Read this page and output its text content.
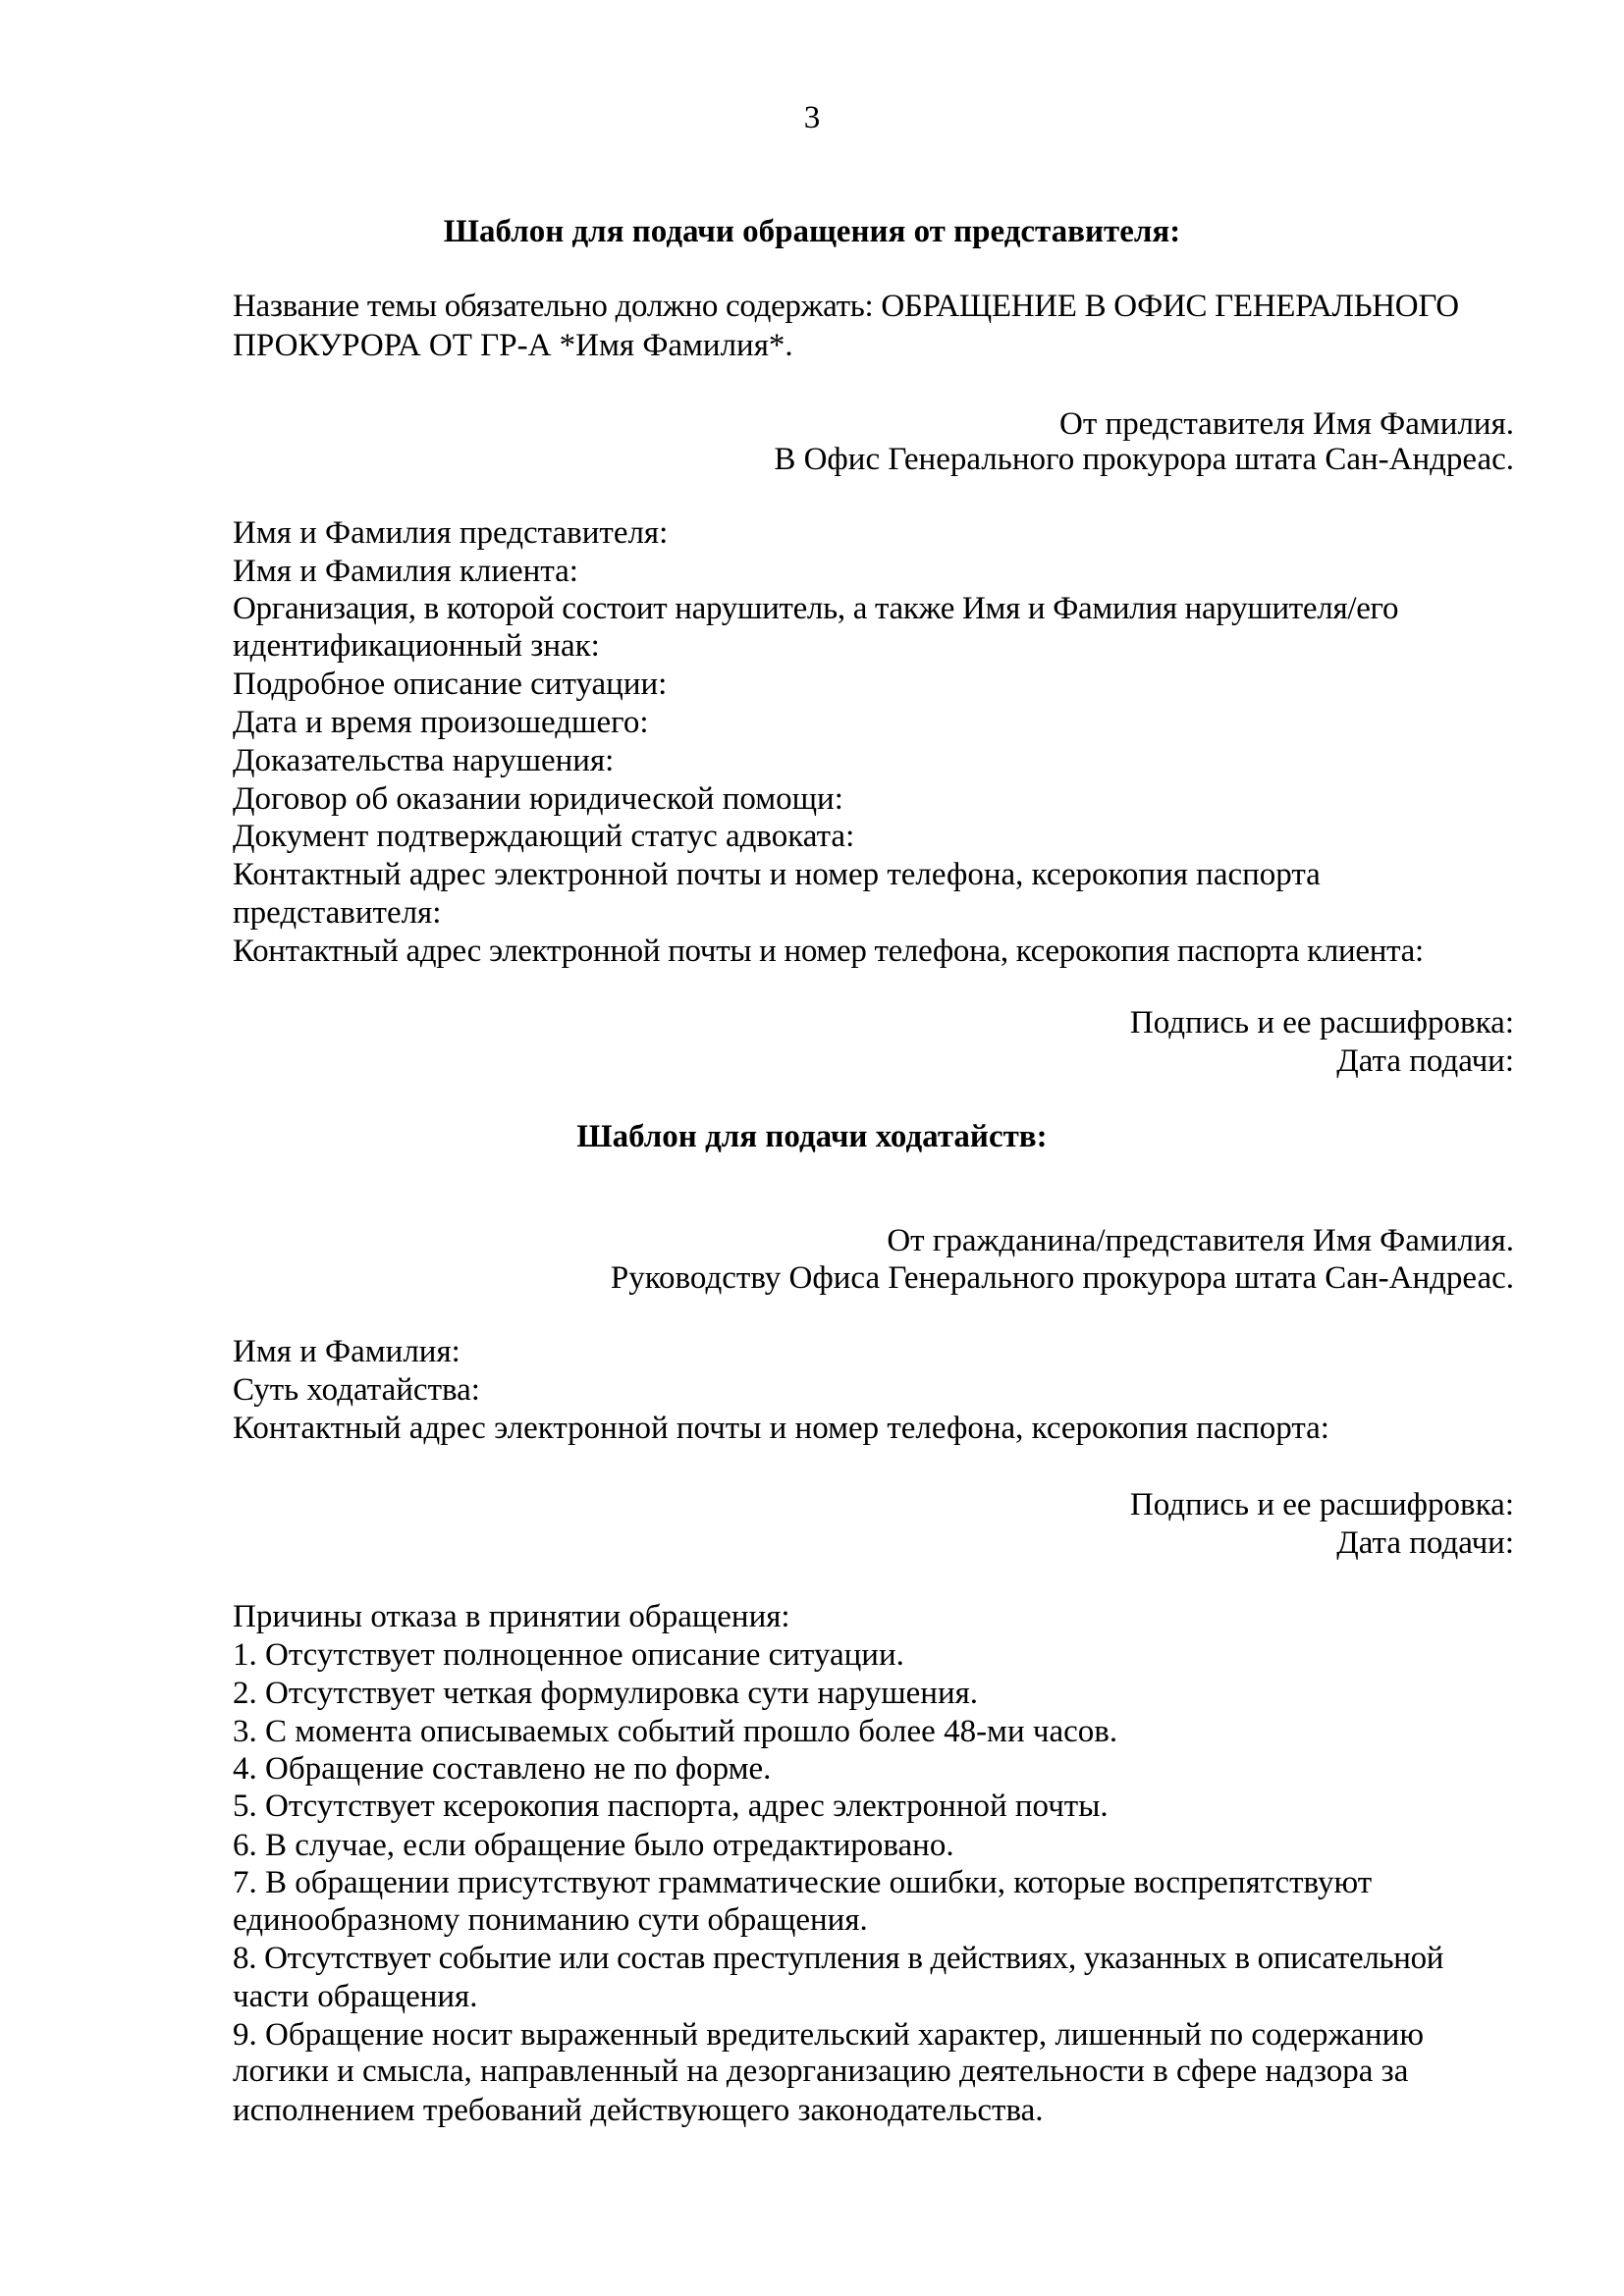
3
Шаблон для подачи обращения от представителя:
Название темы обязательно должно содержать: ОБРАЩЕНИЕ В ОФИС ГЕНЕРАЛЬНОГО
ПРОКУРОРА ОТ ГР-А *Имя Фамилия*.
От представителя Имя Фамилия.
В Офис Генерального прокурора штата Сан-Андреас.
Имя и Фамилия представителя:
Имя и Фамилия клиента:
Организация, в которой состоит нарушитель, а также Имя и Фамилия нарушителя/его
идентификационный знак:
Подробное описание ситуации:
Дата и время произошедшего:
Доказательства нарушения:
Договор об оказании юридической помощи:
Документ подтверждающий статус адвоката:
Контактный адрес электронной почты и номер телефона, ксерокопия паспорта
представителя:
Контактный адрес электронной почты и номер телефона, ксерокопия паспорта клиента:
Подпись и ее расшифровка:
Дата подачи:
Шаблон для подачи ходатайств:
От гражданина/представителя Имя Фамилия.
Руководству Офиса Генерального прокурора штата Сан-Андреас.
Имя и Фамилия:
Суть ходатайства:
Контактный адрес электронной почты и номер телефона, ксерокопия паспорта:
Подпись и ее расшифровка:
Дата подачи:
Причины отказа в принятии обращения:
1. Отсутствует полноценное описание ситуации.
2. Отсутствует четкая формулировка сути нарушения.
3. С момента описываемых событий прошло более 48-ми часов.
4. Обращение составлено не по форме.
5. Отсутствует ксерокопия паспорта, адрес электронной почты.
6. В случае, если обращение было отредактировано.
7. В обращении присутствуют грамматические ошибки, которые воспрепятствуют
единообразному пониманию сути обращения.
8. Отсутствует событие или состав преступления в действиях, указанных в описательной
части обращения.
9. Обращение носит выраженный вредительский характер, лишенный по содержанию
логики и смысла, направленный на дезорганизацию деятельности в сфере надзора за
исполнением требований действующего законодательства.
